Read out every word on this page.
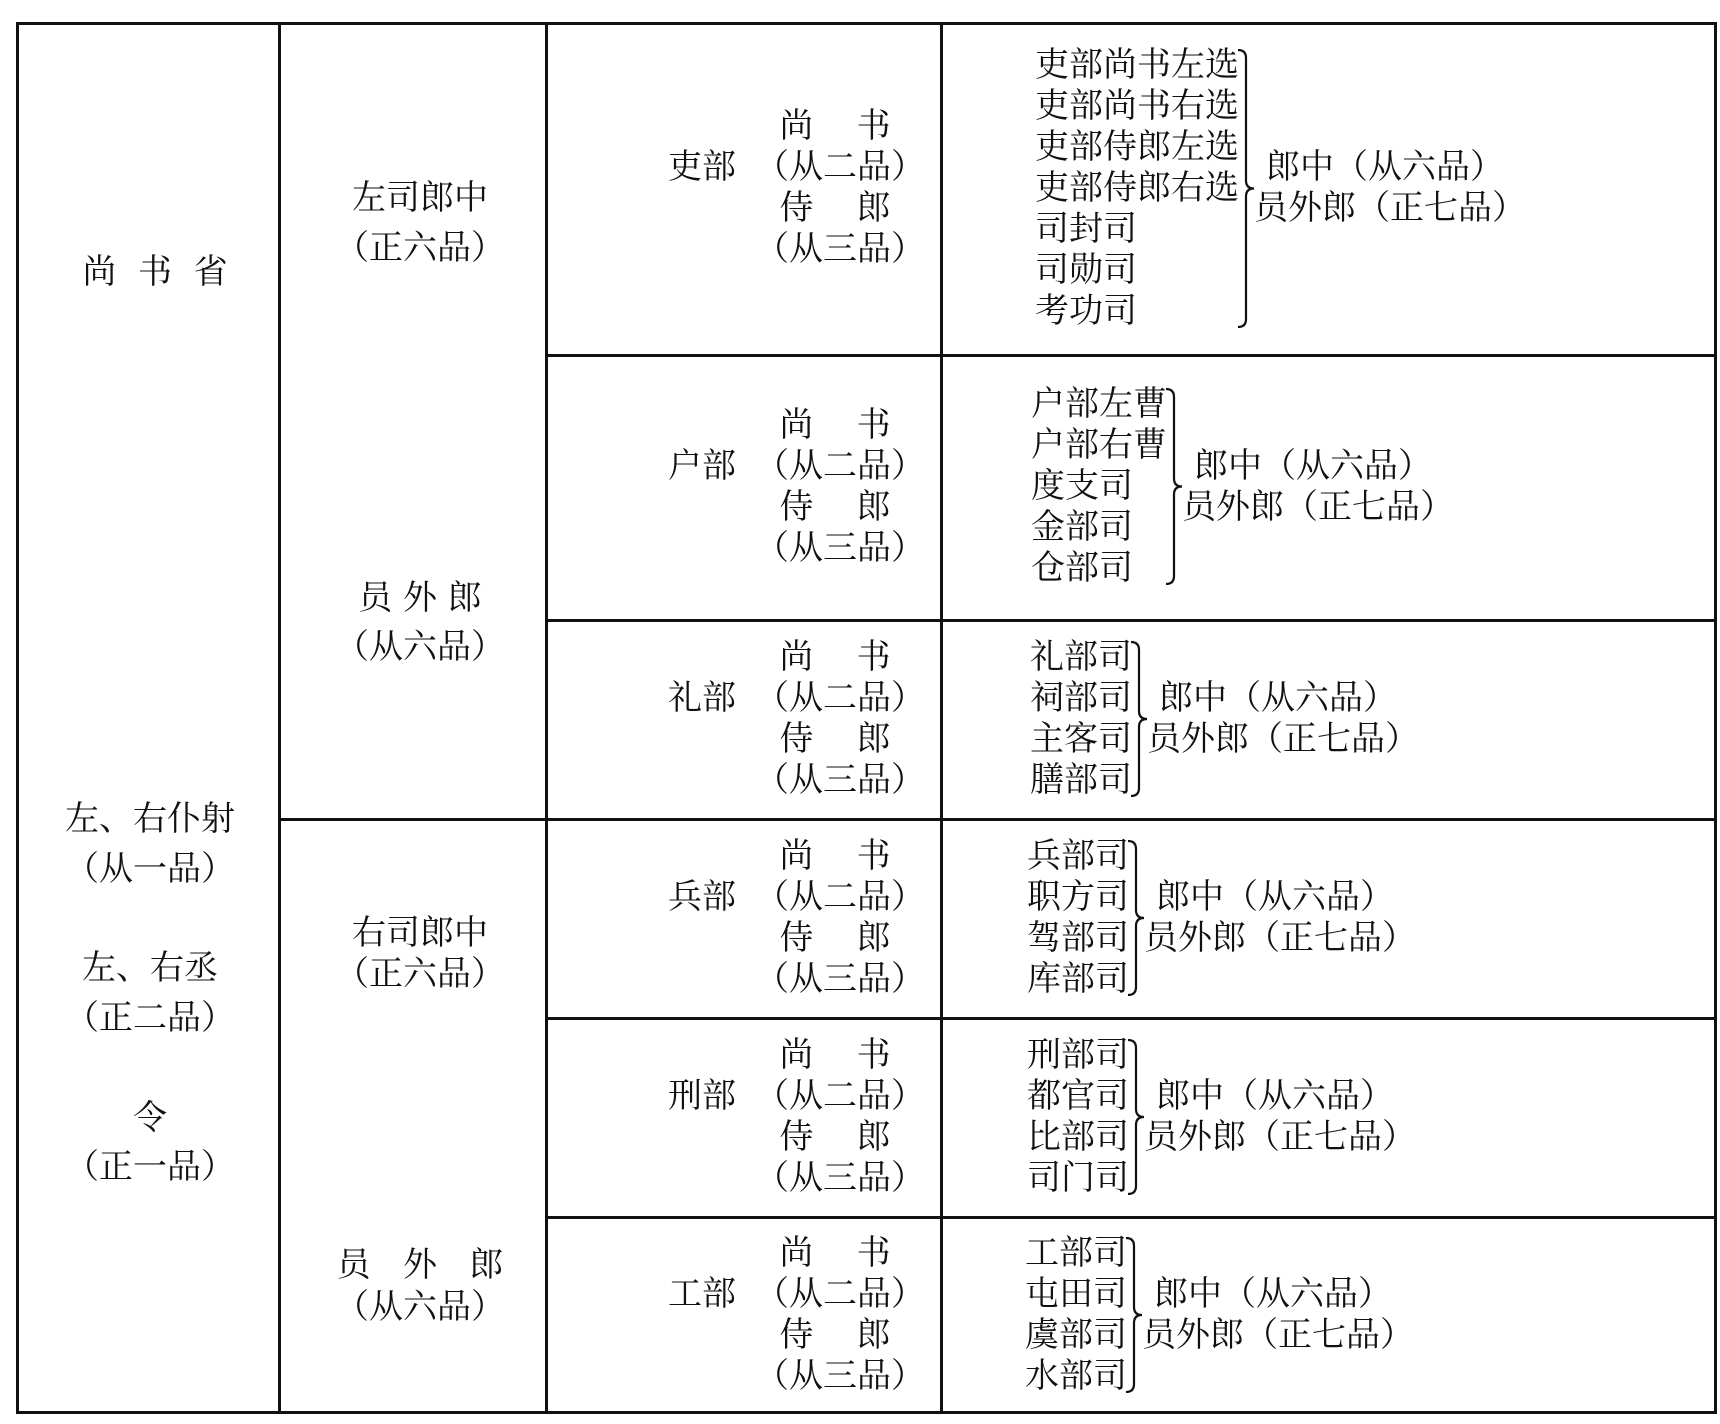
尚  书  省
左、右仆射
（从一品）
左、右丞
（正二品）
令
（正一品）
左司郎中
（正六品）
员 外 郎
（从六品）
右司郎中
（正六品）
员   外   郎
（从六品）
吏部
尚    书
（从二品）
侍    郎
（从三品）
吏部尚书左选
吏部尚书右选
吏部侍郎左选
吏部侍郎右选
司封司
司勋司
考功司
郎中（从六品）
员外郎（正七品）
户部
尚    书
（从二品）
侍    郎
（从三品）
户部左曹
户部右曹
度支司
金部司
仓部司
郎中（从六品）
员外郎（正七品）
礼部
尚    书
（从二品）
侍    郎
（从三品）
礼部司
祠部司
主客司
膳部司
郎中（从六品）
员外郎（正七品）
兵部
尚    书
（从二品）
侍    郎
（从三品）
兵部司
职方司
驾部司
库部司
郎中（从六品）
员外郎（正七品）
刑部
尚    书
（从二品）
侍    郎
（从三品）
刑部司
都官司
比部司
司门司
郎中（从六品）
员外郎（正七品）
工部
尚    书
（从二品）
侍    郎
（从三品）
工部司
屯田司
虞部司
水部司
郎中（从六品）
员外郎（正七品）
